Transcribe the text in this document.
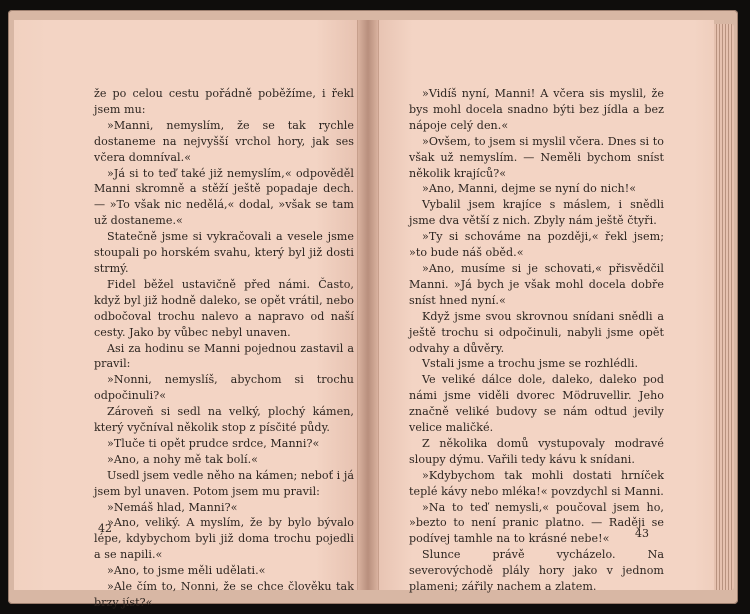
že po celou cestu pořádně poběžíme, i řekl jsem mu:

»Manni, nemyslím, že se tak rychle dostaneme na nejvyšší vrchol hory, jak ses včera domníval.«

»Já si to teď také již nemyslím,« odpověděl Manni skromně a stěží ještě popadaje dech. — »To však nic nedělá,« dodal, »však se tam už dostaneme.«

Statečně jsme si vykračovali a vesele jsme stoupali po horském svahu, který byl již dosti strmý.

Fidel běžel ustavičně před námi. Často, když byl již hodně daleko, se opět vrátil, nebo odbočoval trochu nalevo a napravo od naší cesty. Jako by vůbec nebyl unaven.

Asi za hodinu se Manni pojednou zastavil a pravil:

»Nonni, nemyslíš, abychom si trochu odpočinuli?«

Zároveň si sedl na velký, plochý kámen, který vyčníval několik stop z písčité půdy.

»Tluče ti opět prudce srdce, Manni?«

»Ano, a nohy mě tak bolí.«

Usedl jsem vedle něho na kámen; neboť i já jsem byl unaven. Potom jsem mu pravil:

»Nemáš hlad, Manni?«

»Ano, veliký. A myslím, že by bylo bývalo lépe, kdybychom byli již doma trochu pojedli a se napili.«

»Ano, to jsme měli udělati.«

»Ale čím to, Nonni, že se chce člověku tak brzy jíst?«

42

»Vidíš nyní, Manni! A včera sis myslil, že bys mohl docela snadno býti bez jídla a bez nápoje celý den.«

»Ovšem, to jsem si myslil včera. Dnes si to však už nemyslím. — Neměli bychom sníst několik krajíců?«

»Ano, Manni, dejme se nyní do nich!«

Vybalil jsem krajíce s máslem, i snědli jsme dva větší z nich. Zbyly nám ještě čtyři.

»Ty si schováme na později,« řekl jsem; »to bude náš oběd.«

»Ano, musíme si je schovati,« přisvědčil Manni. »Já bych je však mohl docela dobře sníst hned nyní.«

Když jsme svou skrovnou snídani snědli a ještě trochu si odpočinuli, nabyli jsme opět odvahy a důvěry.

Vstali jsme a trochu jsme se rozhlédli.

Ve veliké dálce dole, daleko, daleko pod námi jsme viděli dvorec Mödruvellir. Jeho značně veliké budovy se nám odtud jevily velice maličké.

Z několika domů vystupovaly modravé sloupy dýmu. Vařili tedy kávu k snídani.

»Kdybychom tak mohli dostati hrníček teplé kávy nebo mléka!« povzdychl si Manni.

»Na to teď nemysli,« poučoval jsem ho, »bezto to není pranic platno. — Raději se podívej tamhle na to krásné nebe!«

Slunce právě vycházelo. Na severovýchodě plály hory jako v jednom plameni; zářily nachem a zlatem.

43
